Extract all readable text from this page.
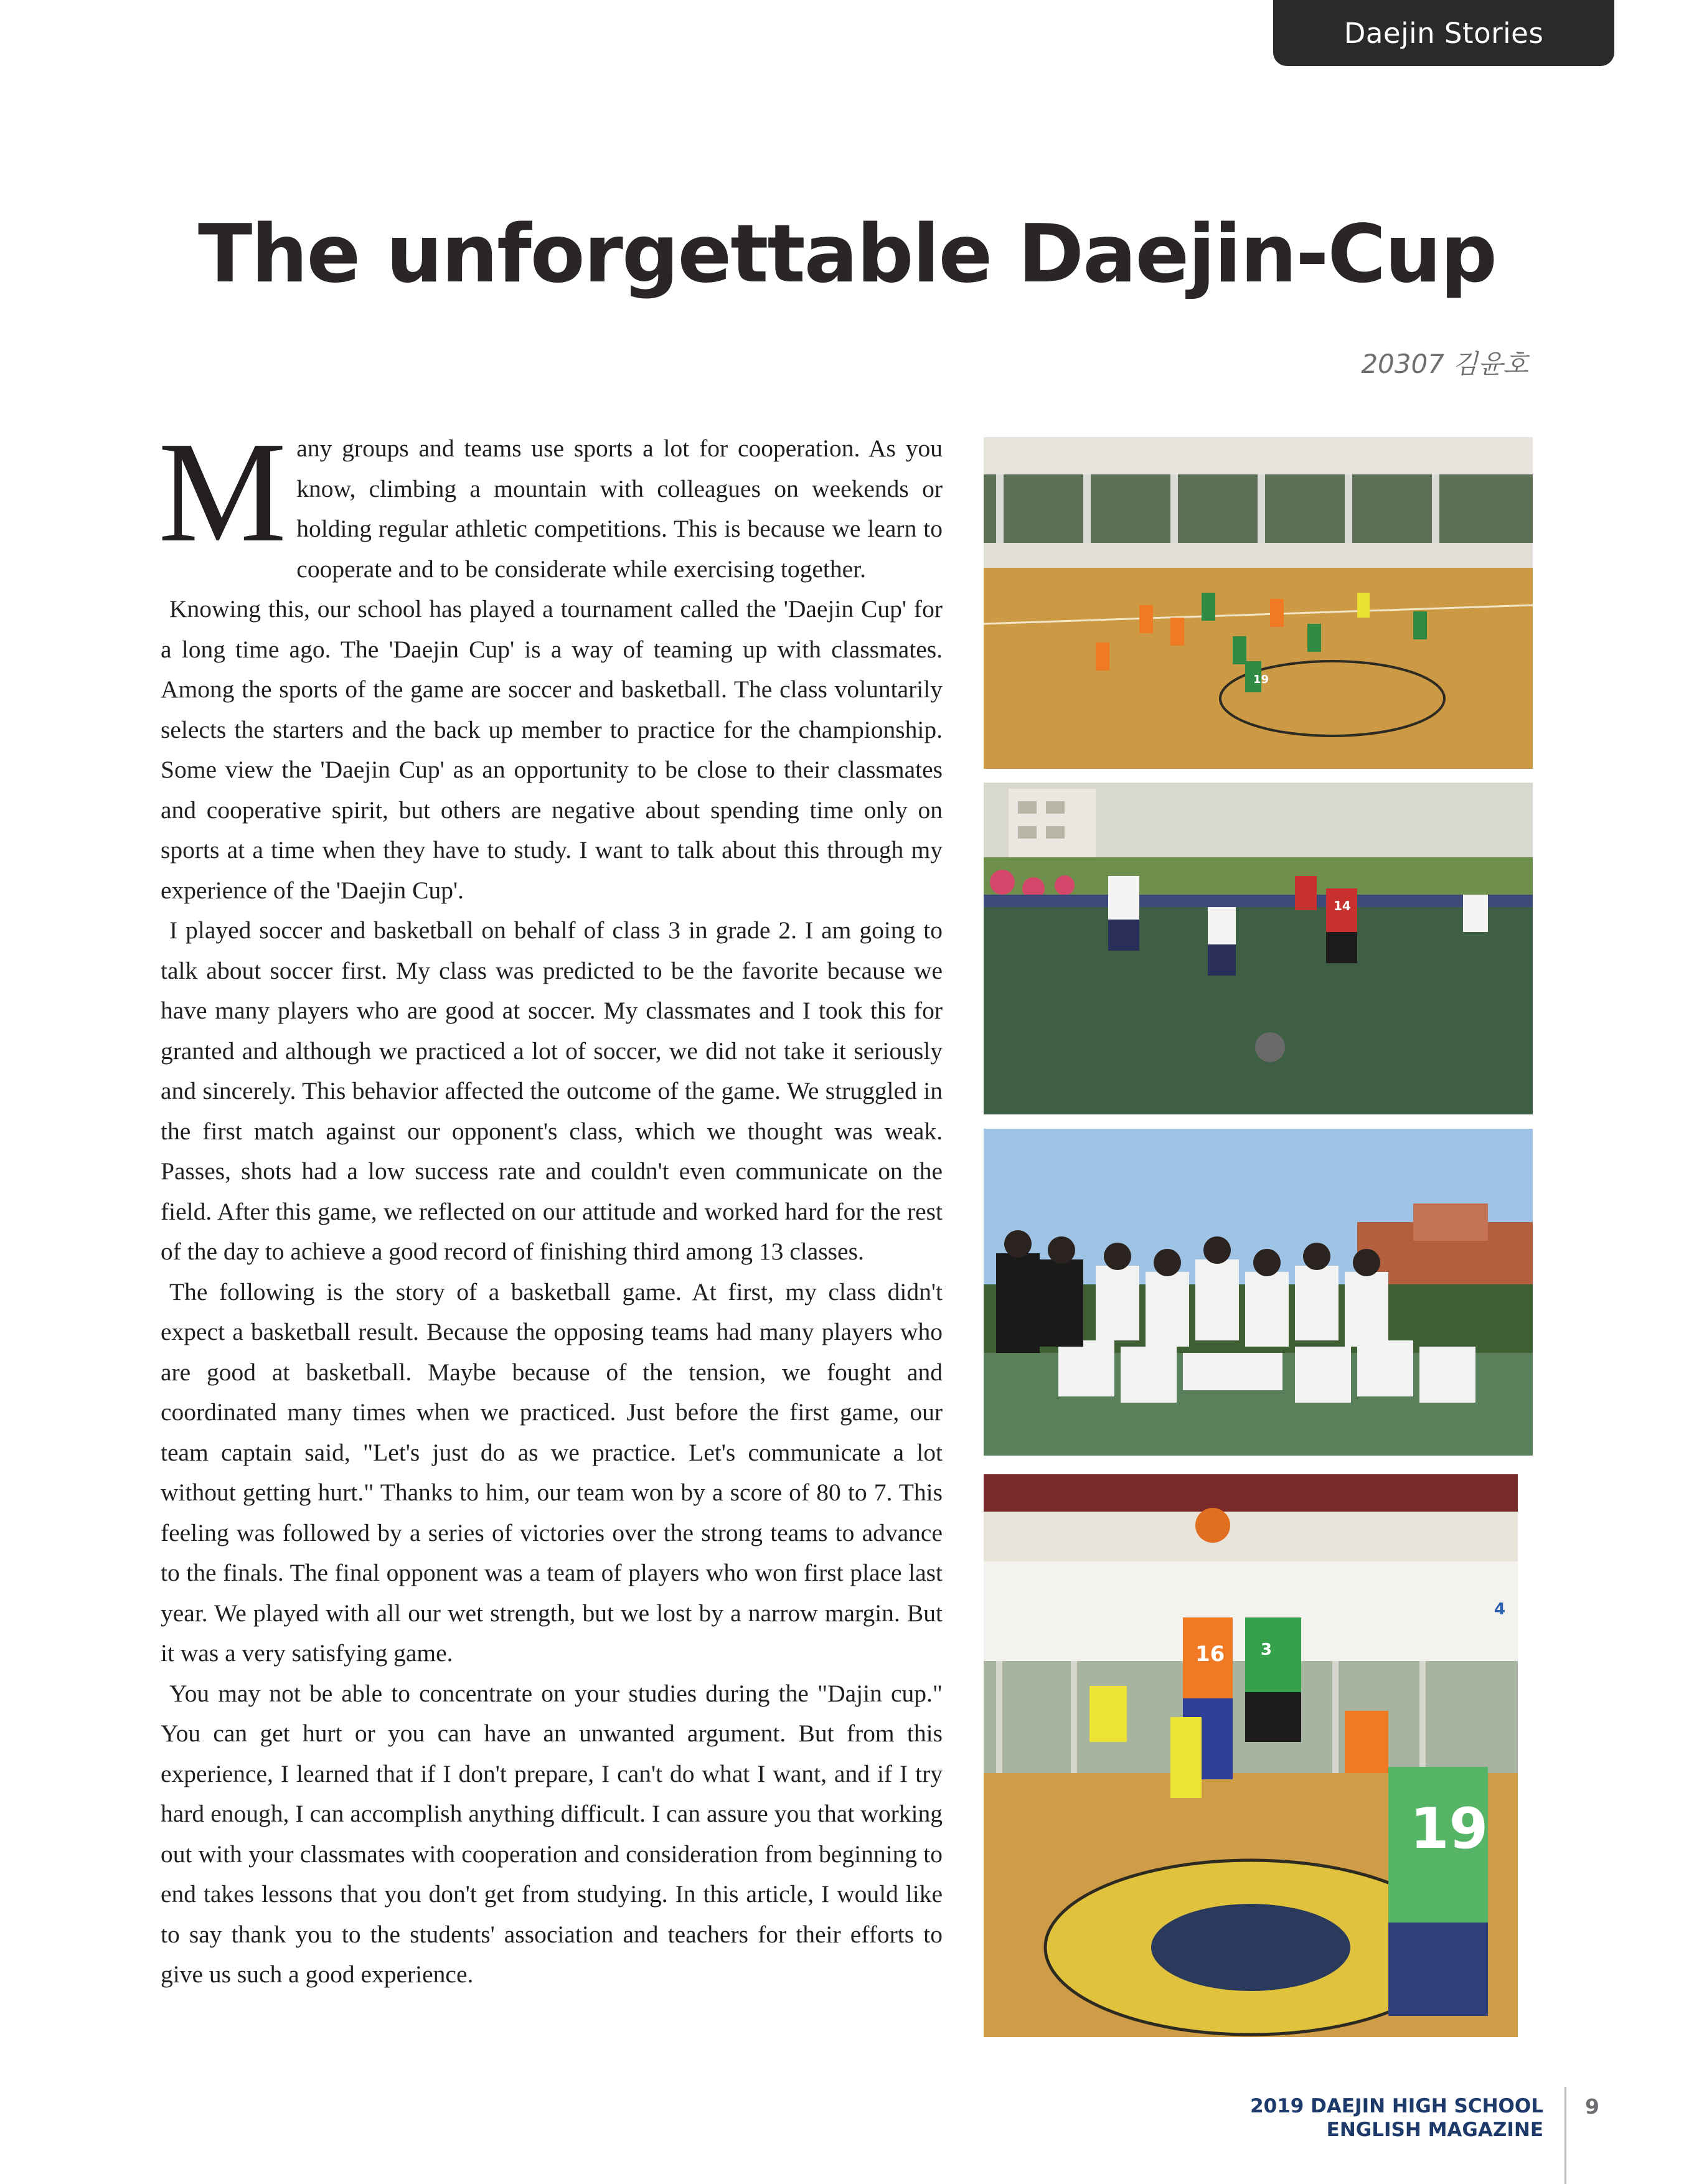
Daejin Stories
The unforgettable Daejin-Cup
20307 김윤호

Many groups and teams use sports a lot for cooperation. As you know, climbing a mountain with colleagues on weekends or holding regular athletic competitions. This is because we learn to cooperate and to be considerate while exercising together.

Knowing this, our school has played a tournament called the 'Daejin Cup' for a long time ago. The 'Daejin Cup' is a way of teaming up with classmates. Among the sports of the game are soccer and basketball. The class voluntarily selects the starters and the back up member to practice for the championship. Some view the 'Daejin Cup' as an opportunity to be close to their classmates and cooperative spirit, but others are negative about spending time only on sports at a time when they have to study. I want to talk about this through my experience of the 'Daejin Cup'.

I played soccer and basketball on behalf of class 3 in grade 2. I am going to talk about soccer first. My class was predicted to be the favorite because we have many players who are good at soccer. My classmates and I took this for granted and although we practiced a lot of soccer, we did not take it seriously and sincerely. This behavior affected the outcome of the game. We struggled in the first match against our opponent's class, which we thought was weak. Passes, shots had a low success rate and couldn't even communicate on the field. After this game, we reflected on our attitude and worked hard for the rest of the day to achieve a good record of finishing third among 13 classes.

The following is the story of a basketball game. At first, my class didn't expect a basketball result. Because the opposing teams had many players who are good at basketball. Maybe because of the tension, we fought and coordinated many times when we practiced. Just before the first game, our team captain said, "Let's just do as we practice. Let's communicate a lot without getting hurt." Thanks to him, our team won by a score of 80 to 7. This feeling was followed by a series of victories over the strong teams to advance to the finals. The final opponent was a team of players who won first place last year. We played with all our wet strength, but we lost by a narrow margin. But it was a very satisfying game.

You may not be able to concentrate on your studies during the "Dajin cup." You can get hurt or you can have an unwanted argument. But from this experience, I learned that if I don't prepare, I can't do what I want, and if I try hard enough, I can accomplish anything difficult. I can assure you that working out with your classmates with cooperation and consideration from beginning to end takes lessons that you don't get from studying. In this article, I would like to say thank you to the students' association and teachers for their efforts to give us such a good experience.

19
14
16 3
19
4
2019 DAEJIN HIGH SCHOOL
ENGLISH MAGAZINE
9
